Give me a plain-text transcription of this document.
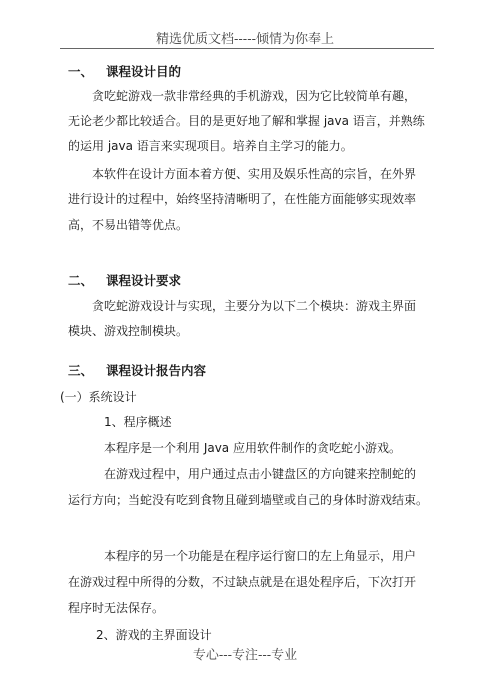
精选优质文档-----倾情为你奉上
一、 课程设计目的
贪吃蛇游戏一款非常经典的手机游戏，因为它比较简单有趣，
无论老少都比较适合。目的是更好地了解和掌握 java 语言，并熟练
的运用 java 语言来实现项目。培养自主学习的能力。
本软件在设计方面本着方便、实用及娱乐性高的宗旨，在外界
进行设计的过程中，始终坚持清晰明了，在性能方面能够实现效率
高，不易出错等优点。
二、 课程设计要求
贪吃蛇游戏设计与实现，主要分为以下二个模块：游戏主界面
模块、游戏控制模块。
三、 课程设计报告内容
(一）系统设计
1、程序概述
本程序是一个利用 Java 应用软件制作的贪吃蛇小游戏。
在游戏过程中，用户通过点击小键盘区的方向键来控制蛇的
运行方向；当蛇没有吃到食物且碰到墙壁或自己的身体时游戏结束。
本程序的另一个功能是在程序运行窗口的左上角显示，用户
在游戏过程中所得的分数，不过缺点就是在退处程序后，下次打开
程序时无法保存。
2、游戏的主界面设计
专心---专注---专业
